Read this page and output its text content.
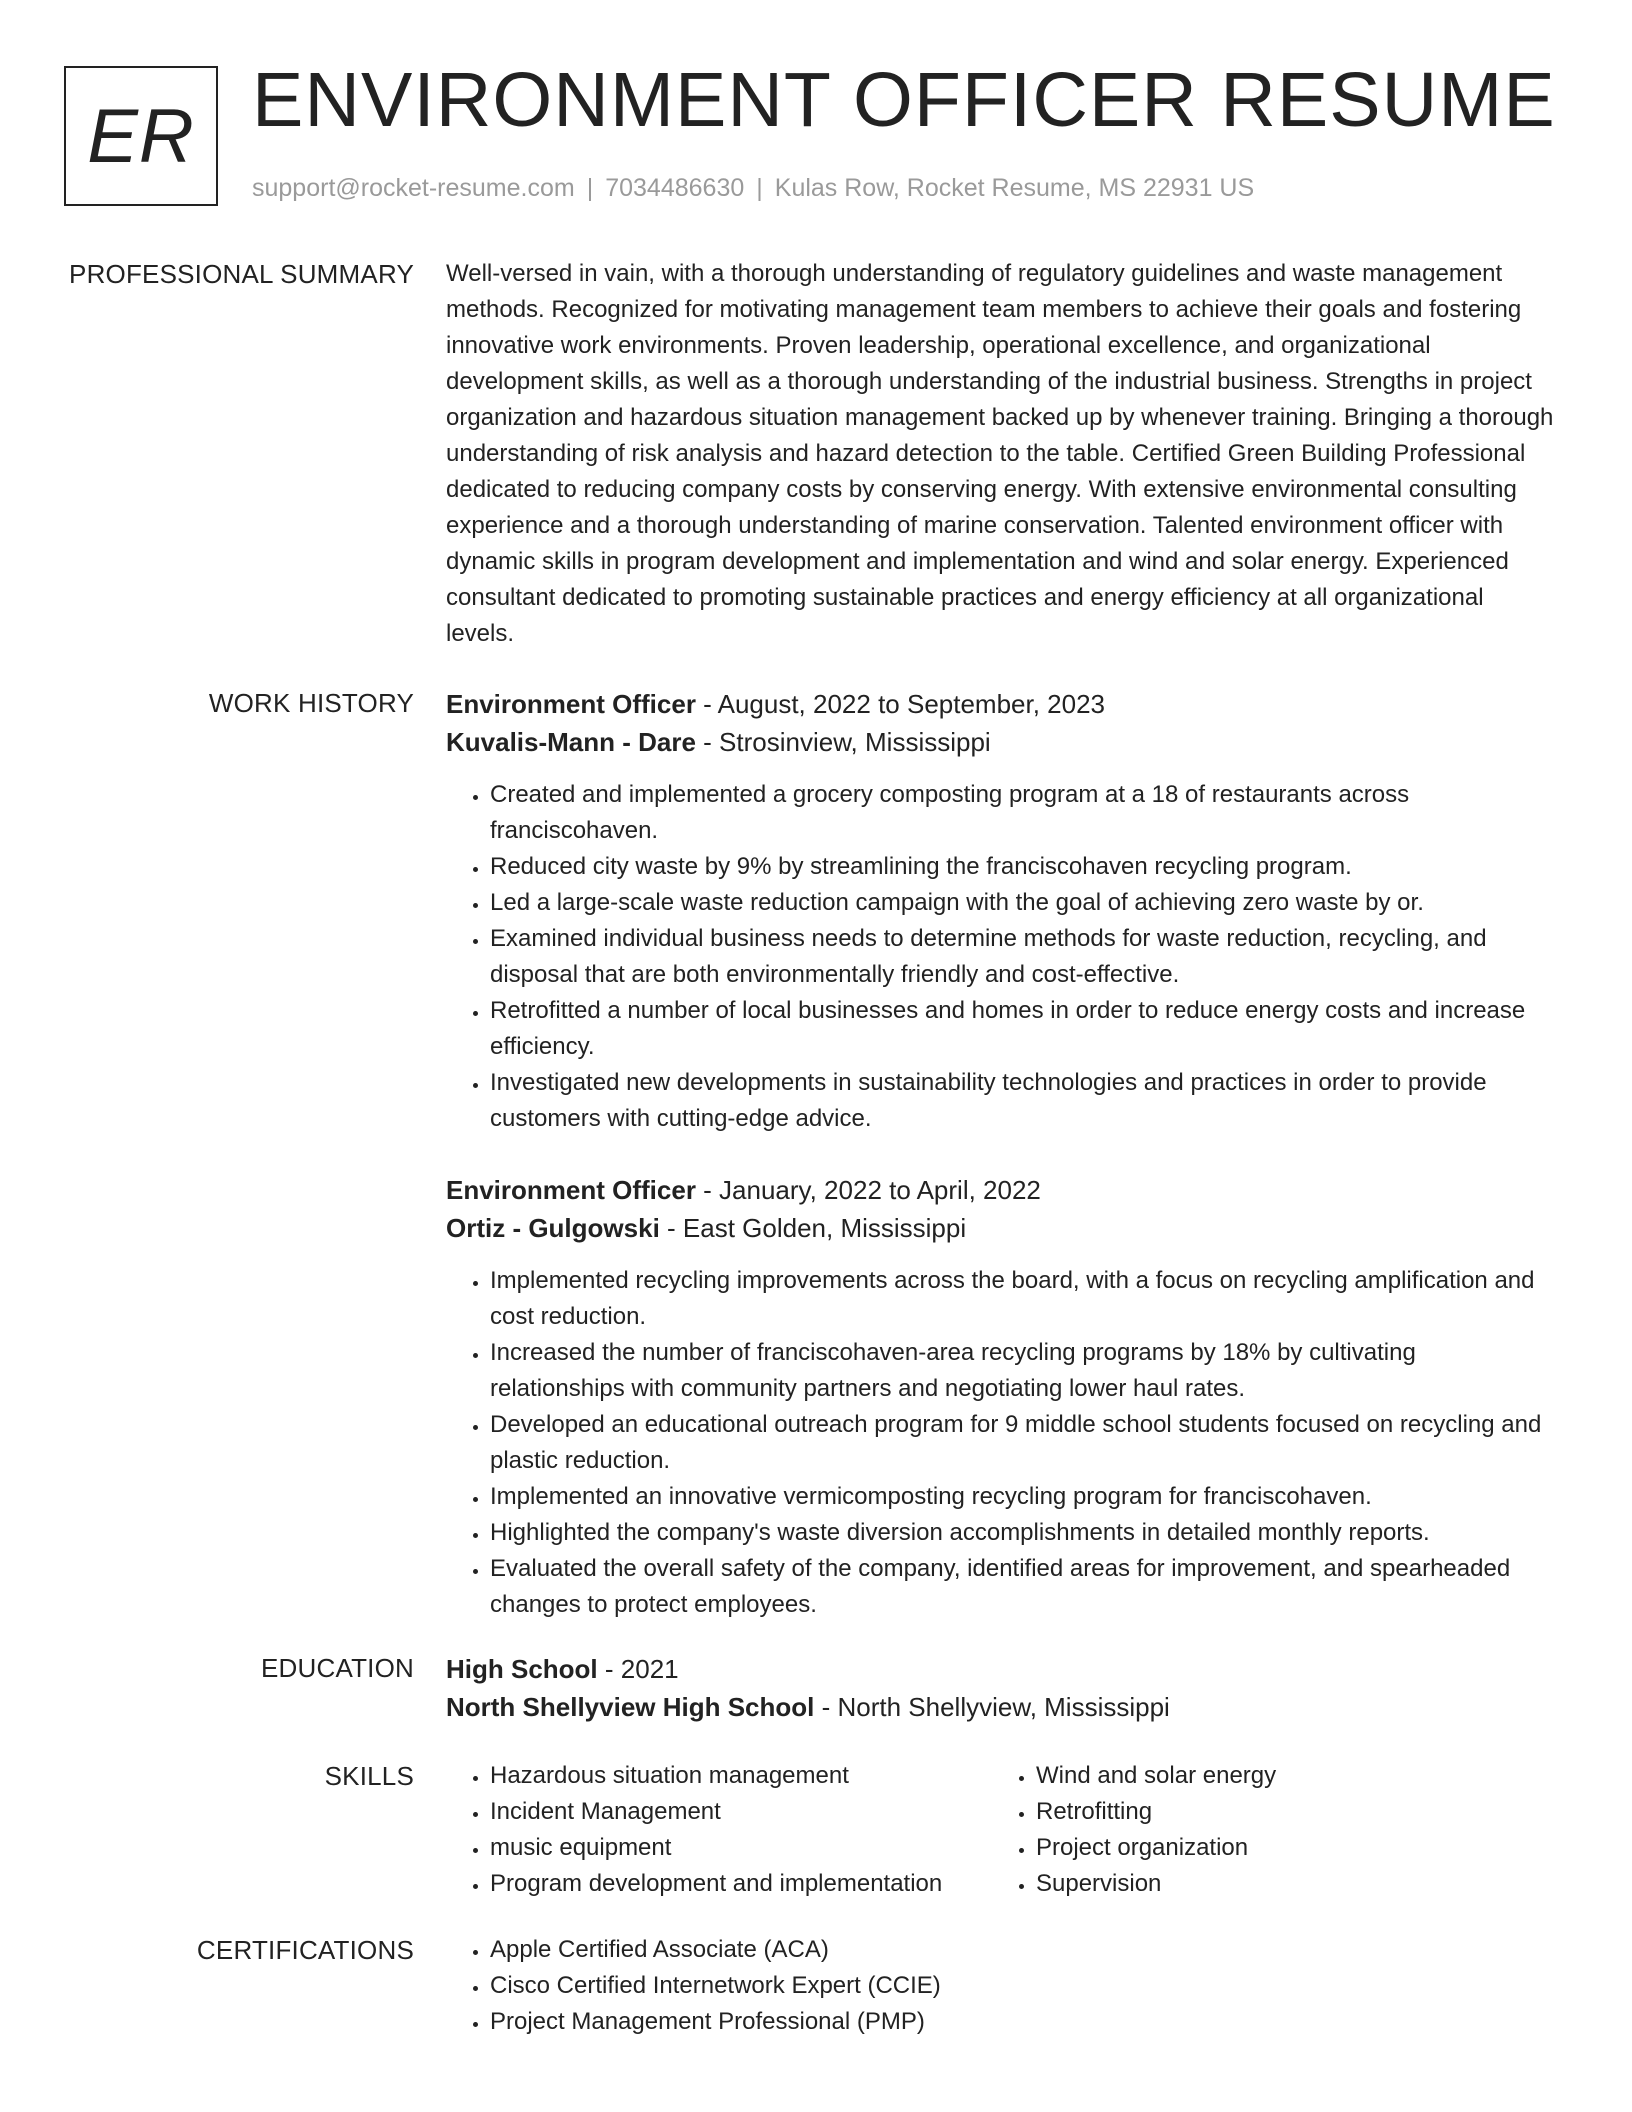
ER ENVIRONMENT OFFICER RESUME
support@rocket-resume.com | 7034486630 | Kulas Row, Rocket Resume, MS 22931 US
PROFESSIONAL SUMMARY Well-versed in vain, with a thorough understanding of regulatory guidelines and waste management methods. Recognized for motivating management team members to achieve their goals and fostering innovative work environments. Proven leadership, operational excellence, and organizational development skills, as well as a thorough understanding of the industrial business. Strengths in project organization and hazardous situation management backed up by whenever training. Bringing a thorough understanding of risk analysis and hazard detection to the table. Certified Green Building Professional dedicated to reducing company costs by conserving energy. With extensive environmental consulting experience and a thorough understanding of marine conservation. Talented environment officer with dynamic skills in program development and implementation and wind and solar energy. Experienced consultant dedicated to promoting sustainable practices and energy efficiency at all organizational levels.

WORK HISTORY Environment Officer - August, 2022 to September, 2023
Kuvalis-Mann - Dare - Strosinview, Mississippi
• Created and implemented a grocery composting program at a 18 of restaurants across franciscohaven.
• Reduced city waste by 9% by streamlining the franciscohaven recycling program.
• Led a large-scale waste reduction campaign with the goal of achieving zero waste by or.
• Examined individual business needs to determine methods for waste reduction, recycling, and disposal that are both environmentally friendly and cost-effective.
• Retrofitted a number of local businesses and homes in order to reduce energy costs and increase efficiency.
• Investigated new developments in sustainability technologies and practices in order to provide customers with cutting-edge advice.
Environment Officer - January, 2022 to April, 2022
Ortiz - Gulgowski - East Golden, Mississippi
• Implemented recycling improvements across the board, with a focus on recycling amplification and cost reduction.
• Increased the number of franciscohaven-area recycling programs by 18% by cultivating relationships with community partners and negotiating lower haul rates.
• Developed an educational outreach program for 9 middle school students focused on recycling and plastic reduction.
• Implemented an innovative vermicomposting recycling program for franciscohaven.
• Highlighted the company's waste diversion accomplishments in detailed monthly reports.
• Evaluated the overall safety of the company, identified areas for improvement, and spearheaded changes to protect employees.
EDUCATION High School - 2021
North Shellyview High School - North Shellyview, Mississippi
SKILLS	• Hazardous situation management
• Incident Management
• music equipment
• Program development and implementation
• Wind and solar energy
• Retrofitting
• Project organization
• Supervision
CERTIFICATIONS	• Apple Certified Associate (ACA)
• Cisco Certified Internetwork Expert (CCIE)
• Project Management Professional (PMP)
